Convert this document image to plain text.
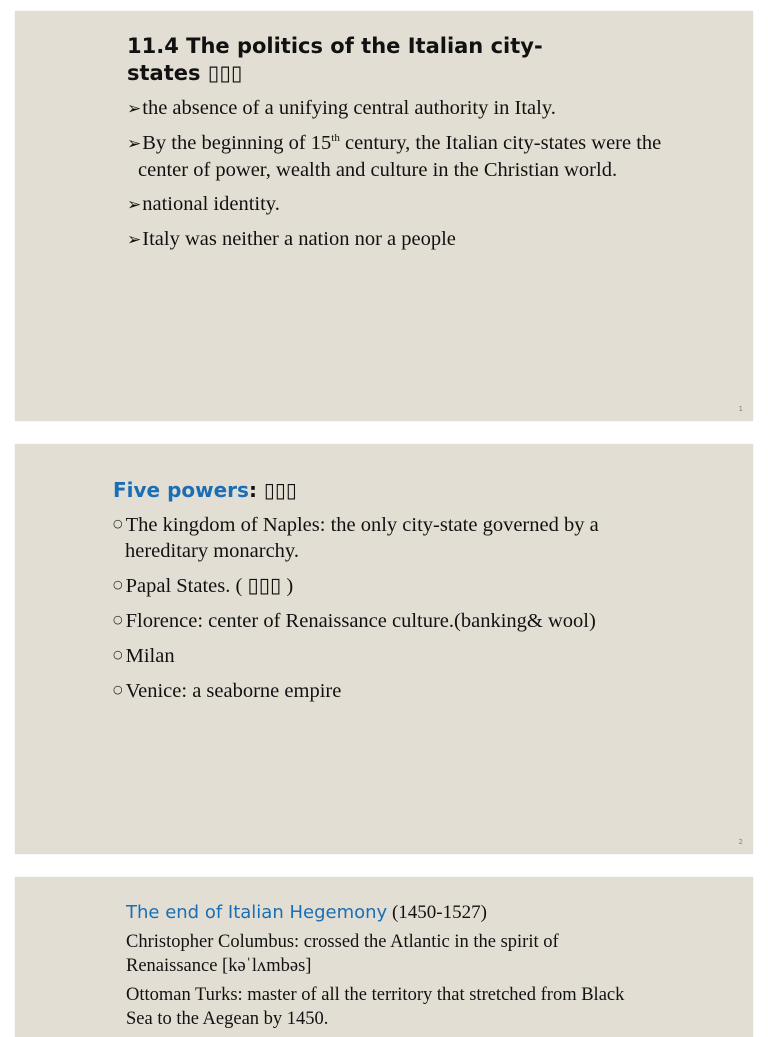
11.4 The politics of the Italian city-states ▯▯▯
➢the absence of a unifying central authority in Italy.
➢By the beginning of 15th century, the Italian city-states were the center of power, wealth and culture in the Christian world.
➢national identity.
➢Italy was neither a nation nor a people
1
Five powers: ▯▯▯
○ The kingdom of Naples: the only city-state governed by a hereditary monarchy.
○ Papal States. ( ▯▯▯ )
○ Florence: center of Renaissance culture.(banking& wool)
○ Milan
○ Venice: a seaborne empire
2

The end of Italian Hegemony (1450-1527)

Christopher Columbus: crossed the Atlantic in the spirit of Renaissance [kəˈlʌmbəs]

Ottoman Turks: master of all the territory that stretched from Black Sea to the Aegean by 1450.
